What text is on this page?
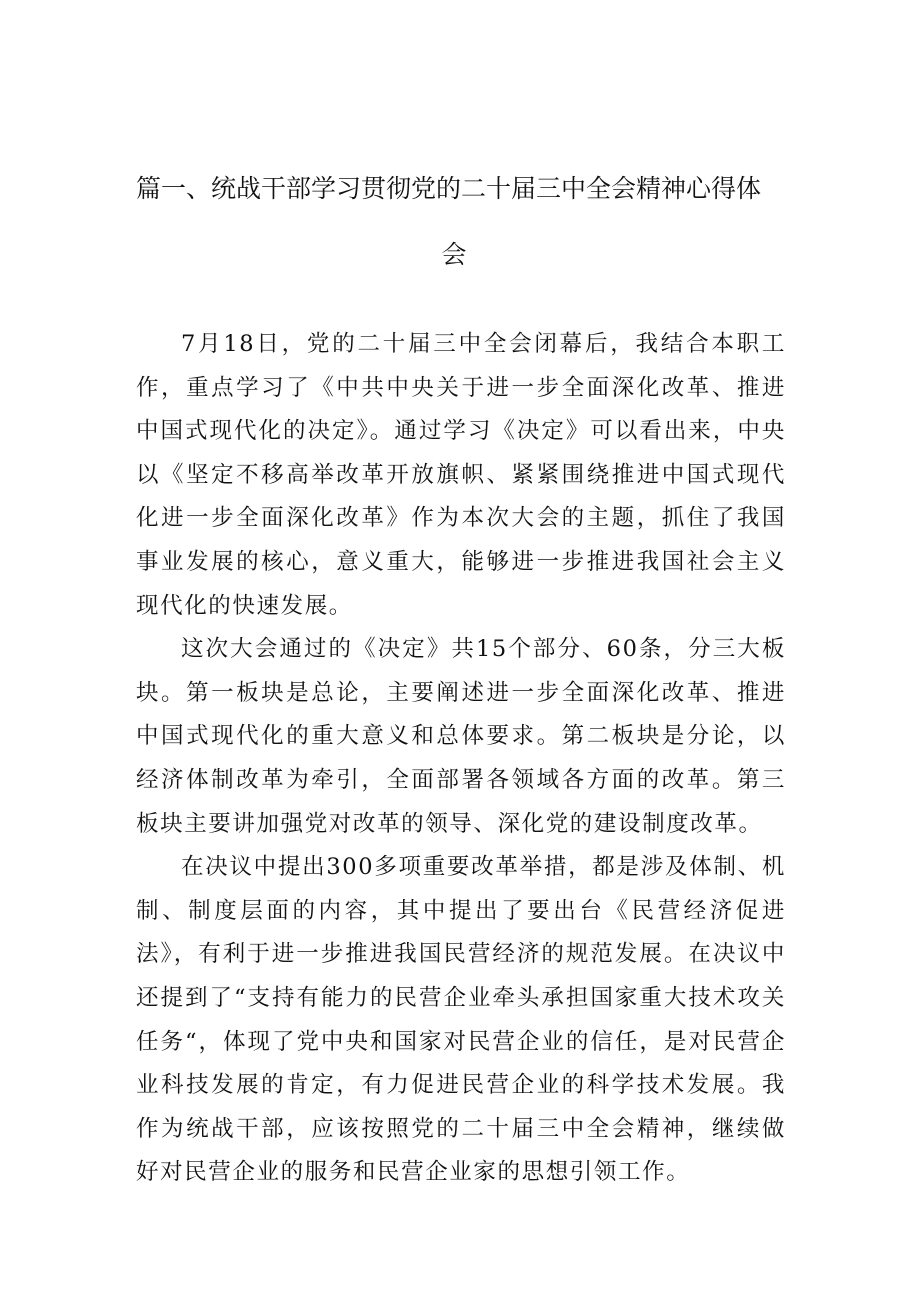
篇一、统战干部学习贯彻党的二十届三中全会精神心得体
会

7月18日，党的二十届三中全会闭幕后，我结合本职工作，重点学习了《中共中央关于进一步全面深化改革、推进中国式现代化的决定》。通过学习《决定》可以看出来，中央以《坚定不移高举改革开放旗帜、紧紧围绕推进中国式现代化进一步全面深化改革》作为本次大会的主题，抓住了我国事业发展的核心，意义重大，能够进一步推进我国社会主义现代化的快速发展。

这次大会通过的《决定》共15个部分、60条，分三大板块。第一板块是总论，主要阐述进一步全面深化改革、推进中国式现代化的重大意义和总体要求。第二板块是分论，以经济体制改革为牵引，全面部署各领域各方面的改革。第三板块主要讲加强党对改革的领导、深化党的建设制度改革。

在决议中提出300多项重要改革举措，都是涉及体制、机制、制度层面的内容，其中提出了要出台《民营经济促进法》，有利于进一步推进我国民营经济的规范发展。在决议中还提到了“支持有能力的民营企业牵头承担国家重大技术攻关任务“，体现了党中央和国家对民营企业的信任，是对民营企业科技发展的肯定，有力促进民营企业的科学技术发展。我作为统战干部，应该按照党的二十届三中全会精神，继续做好对民营企业的服务和民营企业家的思想引领工作。
